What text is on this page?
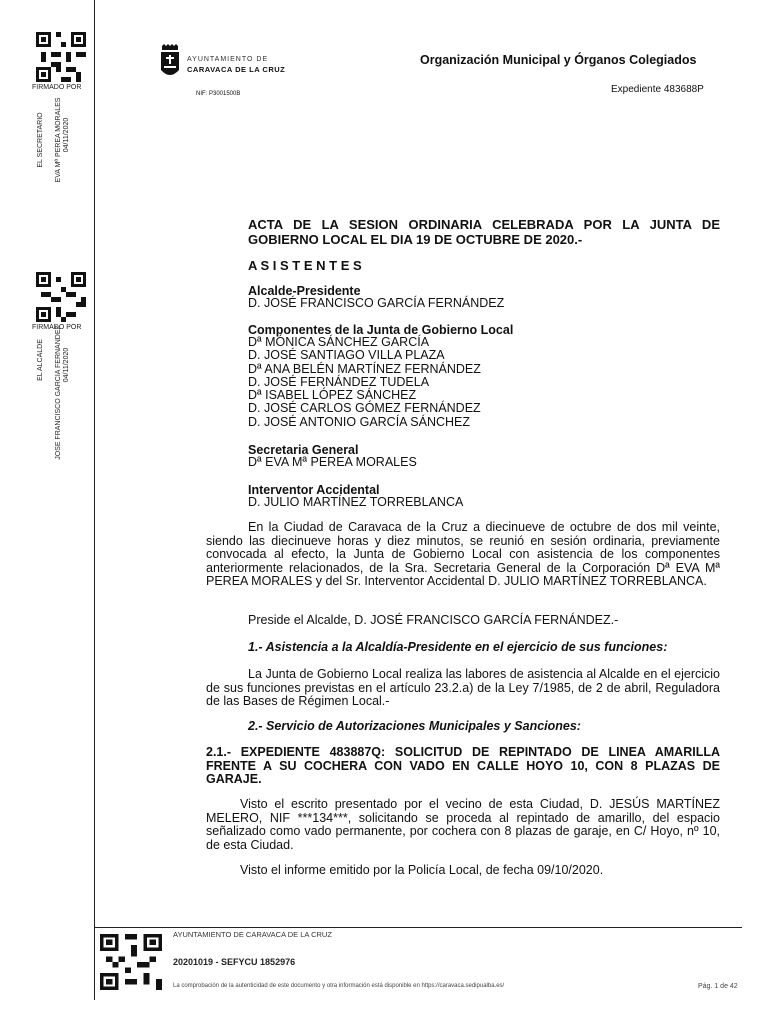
FIRMADO POR
EL SECRETARIO EVA Mª PEREA MORALES 04/11/2020
FIRMADO POR
EL ALCALDE JOSE FRANCISCO GARCIA FERNANDEZ 04/11/2020
AYUNTAMIENTO DE
CARAVACA DE LA CRUZ
NIF: P3001500B
Organización Municipal y Órganos Colegiados
Expediente 483688P
ACTA DE LA SESION ORDINARIA CELEBRADA POR LA JUNTA DE GOBIERNO LOCAL EL DIA 19 DE OCTUBRE DE 2020.-
A S I S T E N T E S
Alcalde-Presidente
D. JOSÉ FRANCISCO GARCÍA FERNÁNDEZ
Componentes de la Junta de Gobierno Local
Dª MÓNICA SÁNCHEZ GARCÍA
D. JOSÉ SANTIAGO VILLA PLAZA
Dª ANA BELÉN MARTÍNEZ FERNÁNDEZ
D. JOSÉ FERNÁNDEZ TUDELA
Dª ISABEL LÓPEZ SÁNCHEZ
D. JOSÉ CARLOS GÓMEZ FERNÁNDEZ
D. JOSÉ ANTONIO GARCÍA SÁNCHEZ
Secretaria General
Dª EVA Mª PEREA MORALES
Interventor Accidental
D. JULIO MARTÍNEZ TORREBLANCA
En la Ciudad de Caravaca de la Cruz a diecinueve de octubre de dos mil veinte, siendo las diecinueve horas y diez minutos, se reunió en sesión ordinaria, previamente convocada al efecto, la Junta de Gobierno Local con asistencia de los componentes anteriormente relacionados, de la Sra. Secretaria General de la Corporación Dª EVA Mª PEREA MORALES y del Sr. Interventor Accidental D. JULIO MARTÍNEZ TORREBLANCA.
Preside el Alcalde, D. JOSÉ FRANCISCO GARCÍA FERNÁNDEZ.-
1.- Asistencia a la Alcaldía-Presidente en el ejercicio de sus funciones:
La Junta de Gobierno Local realiza las labores de asistencia al Alcalde en el ejercicio de sus funciones previstas en el artículo 23.2.a) de la Ley 7/1985, de 2 de abril, Reguladora de las Bases de Régimen Local.-
2.- Servicio de Autorizaciones Municipales y Sanciones:
2.1.- EXPEDIENTE 483887Q: SOLICITUD DE REPINTADO DE LINEA AMARILLA FRENTE A SU COCHERA CON VADO EN CALLE HOYO 10, CON 8 PLAZAS DE GARAJE.
Visto el escrito presentado por el vecino de esta Ciudad, D. JESÚS MARTÍNEZ MELERO, NIF ***134***, solicitando se proceda al repintado de amarillo, del espacio señalizado como vado permanente, por cochera con 8 plazas de garaje, en C/ Hoyo, nº 10, de esta Ciudad.
Visto el informe emitido por la Policía Local, de fecha 09/10/2020.
AYUNTAMIENTO DE CARAVACA DE LA CRUZ
20201019 - SEFYCU 1852976
La comprobación de la autenticidad de este documento y otra información está disponible en https://caravaca.sedipualba.es/	Pág. 1 de 42
